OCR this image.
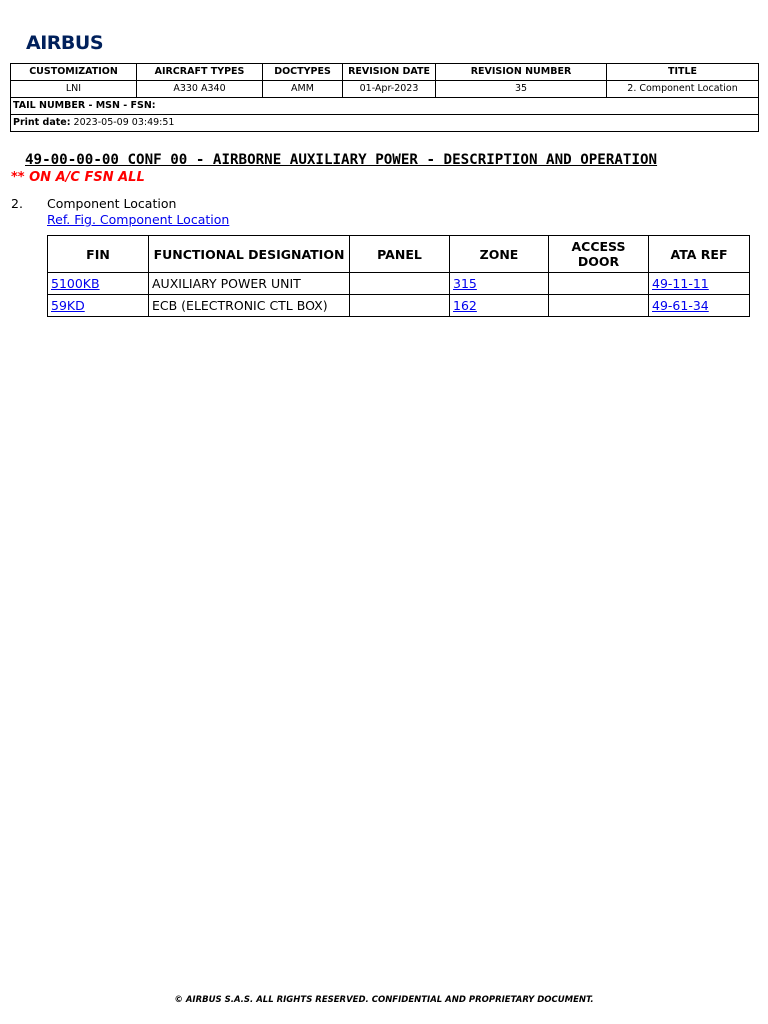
AIRBUS
CUSTOMIZATION	AIRCRAFT TYPES	DOCTYPES	REVISION DATE	REVISION NUMBER	TITLE
LNI	A330 A340	AMM	01-Apr-2023	35	2. Component Location
TAIL NUMBER - MSN - FSN:					
Print date: 2023-05-09 03:49:51					
49-00-00-00 CONF 00 - AIRBORNE AUXILIARY POWER - DESCRIPTION AND OPERATION
** ON A/C FSN ALL
2. Component Location
Ref. Fig. Component Location
FIN	FUNCTIONAL DESIGNATION	PANEL	ZONE	ACCESS DOOR	ATA REF
5100KB	AUXILIARY POWER UNIT		315		49-11-11
59KD	ECB (ELECTRONIC CTL BOX)		162		49-61-34
© AIRBUS S.A.S. ALL RIGHTS RESERVED. CONFIDENTIAL AND PROPRIETARY DOCUMENT.
